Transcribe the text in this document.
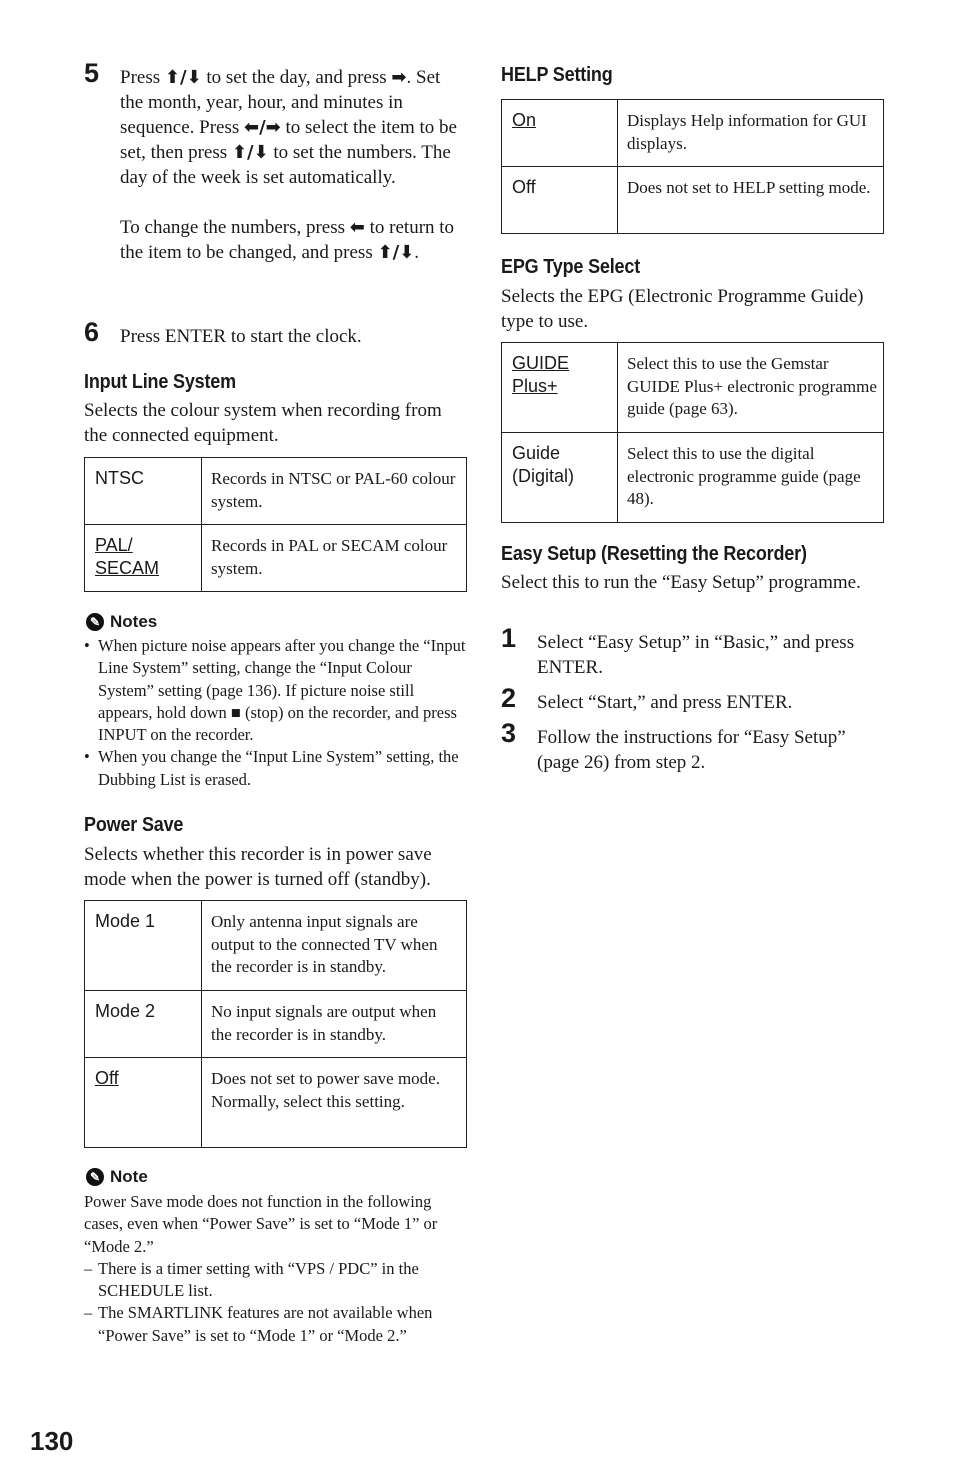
5 Press ⬆/⬇ to set the day, and press ➡. Set the month, year, hour, and minutes in sequence. Press ⬅/➡ to select the item to be set, then press ⬆/⬇ to set the numbers. The day of the week is set automatically.

To change the numbers, press ⬅ to return to the item to be changed, and press ⬆/⬇.

6 Press ENTER to start the clock.

Input Line System

Selects the colour system when recording from the connected equipment.

NTSC	Records in NTSC or PAL-60 colour system.
PAL/ SECAM	Records in PAL or SECAM colour system.
✎ Notes
• When picture noise appears after you change the “Input Line System” setting, change the “Input Colour System” setting (page 136). If picture noise still appears, hold down ■ (stop) on the recorder, and press INPUT on the recorder.
• When you change the “Input Line System” setting, the Dubbing List is erased.
Power Save

Selects whether this recorder is in power save mode when the power is turned off (standby).

Mode 1	Only antenna input signals are output to the connected TV when the recorder is in standby.
Mode 2	No input signals are output when the recorder is in standby.
Off	Does not set to power save mode. Normally, select this setting.
✎ Note

Power Save mode does not function in the following cases, even when “Power Save” is set to “Mode 1” or “Mode 2.”

– There is a timer setting with “VPS / PDC” in the SCHEDULE list.
– The SMARTLINK features are not available when “Power Save” is set to “Mode 1” or “Mode 2.”
HELP Setting
On	Displays Help information for GUI displays.
Off	Does not set to HELP setting mode.
EPG Type Select

Selects the EPG (Electronic Programme Guide) type to use.

GUIDE Plus+	Select this to use the Gemstar GUIDE Plus+ electronic programme guide (page 63).
Guide (Digital)	Select this to use the digital electronic programme guide (page 48).
Easy Setup (Resetting the Recorder)

Select this to run the “Easy Setup” programme.

1 Select “Easy Setup” in “Basic,” and press ENTER.

2 Select “Start,” and press ENTER.

3 Follow the instructions for “Easy Setup” (page 26) from step 2.

130
